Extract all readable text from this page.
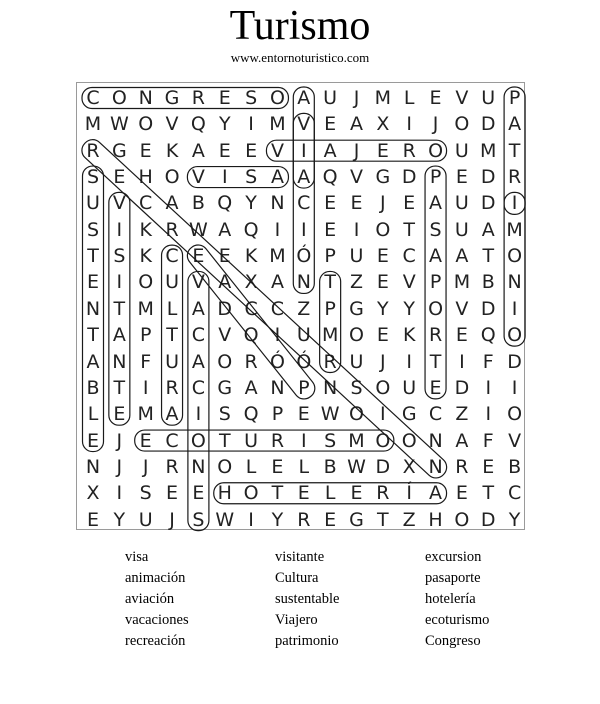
Turismo
www.entornoturistico.com
C O N G R E S O A U J M L E V U P
M W O V Q Y I M V E A X I	J O D A
R G E K A E E V I A J E R O U M T
S E H O V I S A A Q V G D P E D R
U V C A B Q Y N C E E J E A U D I
S I K R W A Q I	I E I O T S U A M
T S K C E E K M Ó P U E C A A T O
E I O U V A X A N T Z E V P M B N
N T M L A D C C Z P G Y Y O V D I
T A P T C V Q I U M O E K R E Q O
A N F U A O R Ó Ó R U J	I T I F D
B T I R C G A N P N S O U E D I	I
L E M A I S Q P E W O I G C Z I O
E J E C O T U R I S M O O N A F V
N J	J R N O L E L B W D X N R E B
X I S E E H O T E L E R Í A E T C
E Y U J S W I Y R E G T Z H O D Y
visa	visitante	excursion
animación	Cultura	pasaporte
aviación	sustentable	hotelería
vacaciones	Viajero	ecoturismo
recreación	patrimonio	Congreso
